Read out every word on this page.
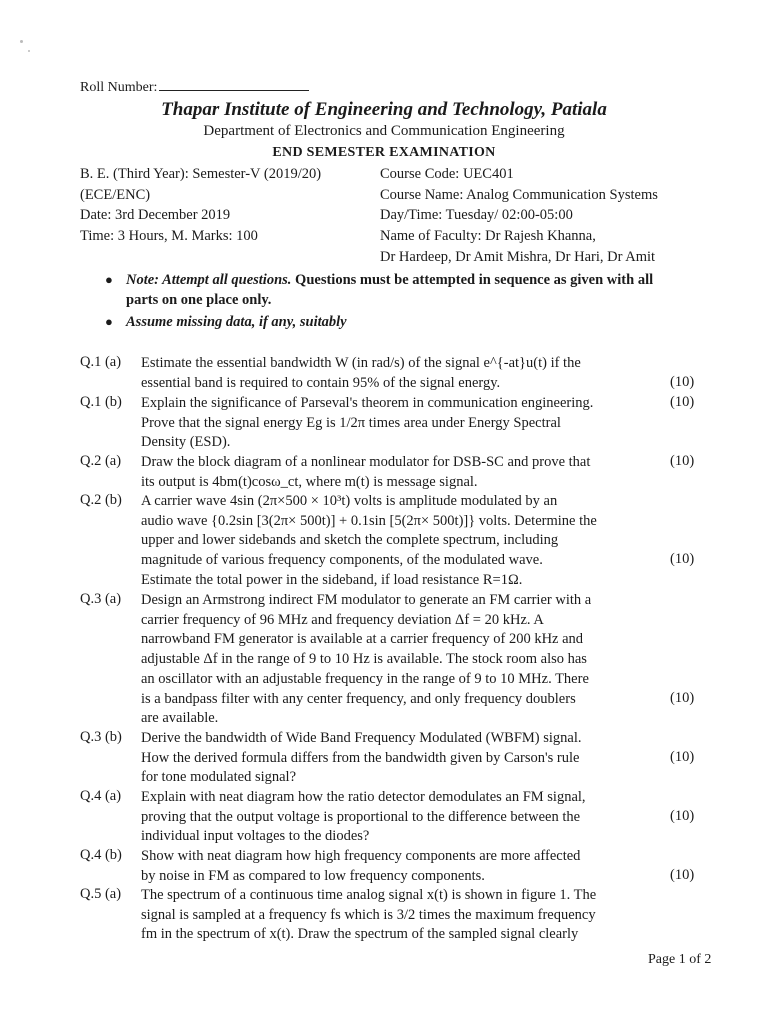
Roll Number:
Thapar Institute of Engineering and Technology, Patiala
Department of Electronics and Communication Engineering
END SEMESTER EXAMINATION
B. E. (Third Year): Semester-V (2019/20)
(ECE/ENC)
Date: 3rd December 2019
Time: 3 Hours, M. Marks: 100
Course Code: UEC401
Course Name: Analog Communication Systems
Day/Time: Tuesday/ 02:00-05:00
Name of Faculty: Dr Rajesh Khanna,
Dr Hardeep, Dr Amit Mishra, Dr Hari, Dr Amit
● Note: Attempt all questions. Questions must be attempted in sequence as given with all
parts on one place only.
● Assume missing data, if any, suitably
Q.1 (a) Estimate the essential bandwidth W (in rad/s) of the signal e^{-at}u(t) if the
essential band is required to contain 95% of the signal energy.	(10)
Q.1 (b) Explain the significance of Parseval's theorem in communication engineering.
Prove that the signal energy Eg is 1/2π times area under Energy Spectral
Density (ESD).
(10)
Q.2 (a) Draw the block diagram of a nonlinear modulator for DSB-SC and prove that
its output is 4bm(t)cosω_ct, where m(t) is message signal.
(10)
Q.2 (b) A carrier wave 4sin (2π×500 × 10³t) volts is amplitude modulated by an
audio wave {0.2sin [3(2π× 500t)] + 0.1sin [5(2π× 500t)]} volts. Determine the
upper and lower sidebands and sketch the complete spectrum, including
magnitude of various frequency components, of the modulated wave.
Estimate the total power in the sideband, if load resistance R=1Ω.
(10)
Q.3 (a) Design an Armstrong indirect FM modulator to generate an FM carrier with a
carrier frequency of 96 MHz and frequency deviation Δf = 20 kHz. A
narrowband FM generator is available at a carrier frequency of 200 kHz and
adjustable Δf in the range of 9 to 10 Hz is available. The stock room also has
an oscillator with an adjustable frequency in the range of 9 to 10 MHz. There
is a bandpass filter with any center frequency, and only frequency doublers
are available.
(10)
Q.3 (b) Derive the bandwidth of Wide Band Frequency Modulated (WBFM) signal.
How the derived formula differs from the bandwidth given by Carson's rule
for tone modulated signal?
(10)
Q.4 (a) Explain with neat diagram how the ratio detector demodulates an FM signal,
proving that the output voltage is proportional to the difference between the
individual input voltages to the diodes?
(10)
Q.4 (b) Show with neat diagram how high frequency components are more affected
by noise in FM as compared to low frequency components.	(10)
Q.5 (a) The spectrum of a continuous time analog signal x(t) is shown in figure 1. The
signal is sampled at a frequency fs which is 3/2 times the maximum frequency
fm in the spectrum of x(t). Draw the spectrum of the sampled signal clearly
Page 1 of 2
